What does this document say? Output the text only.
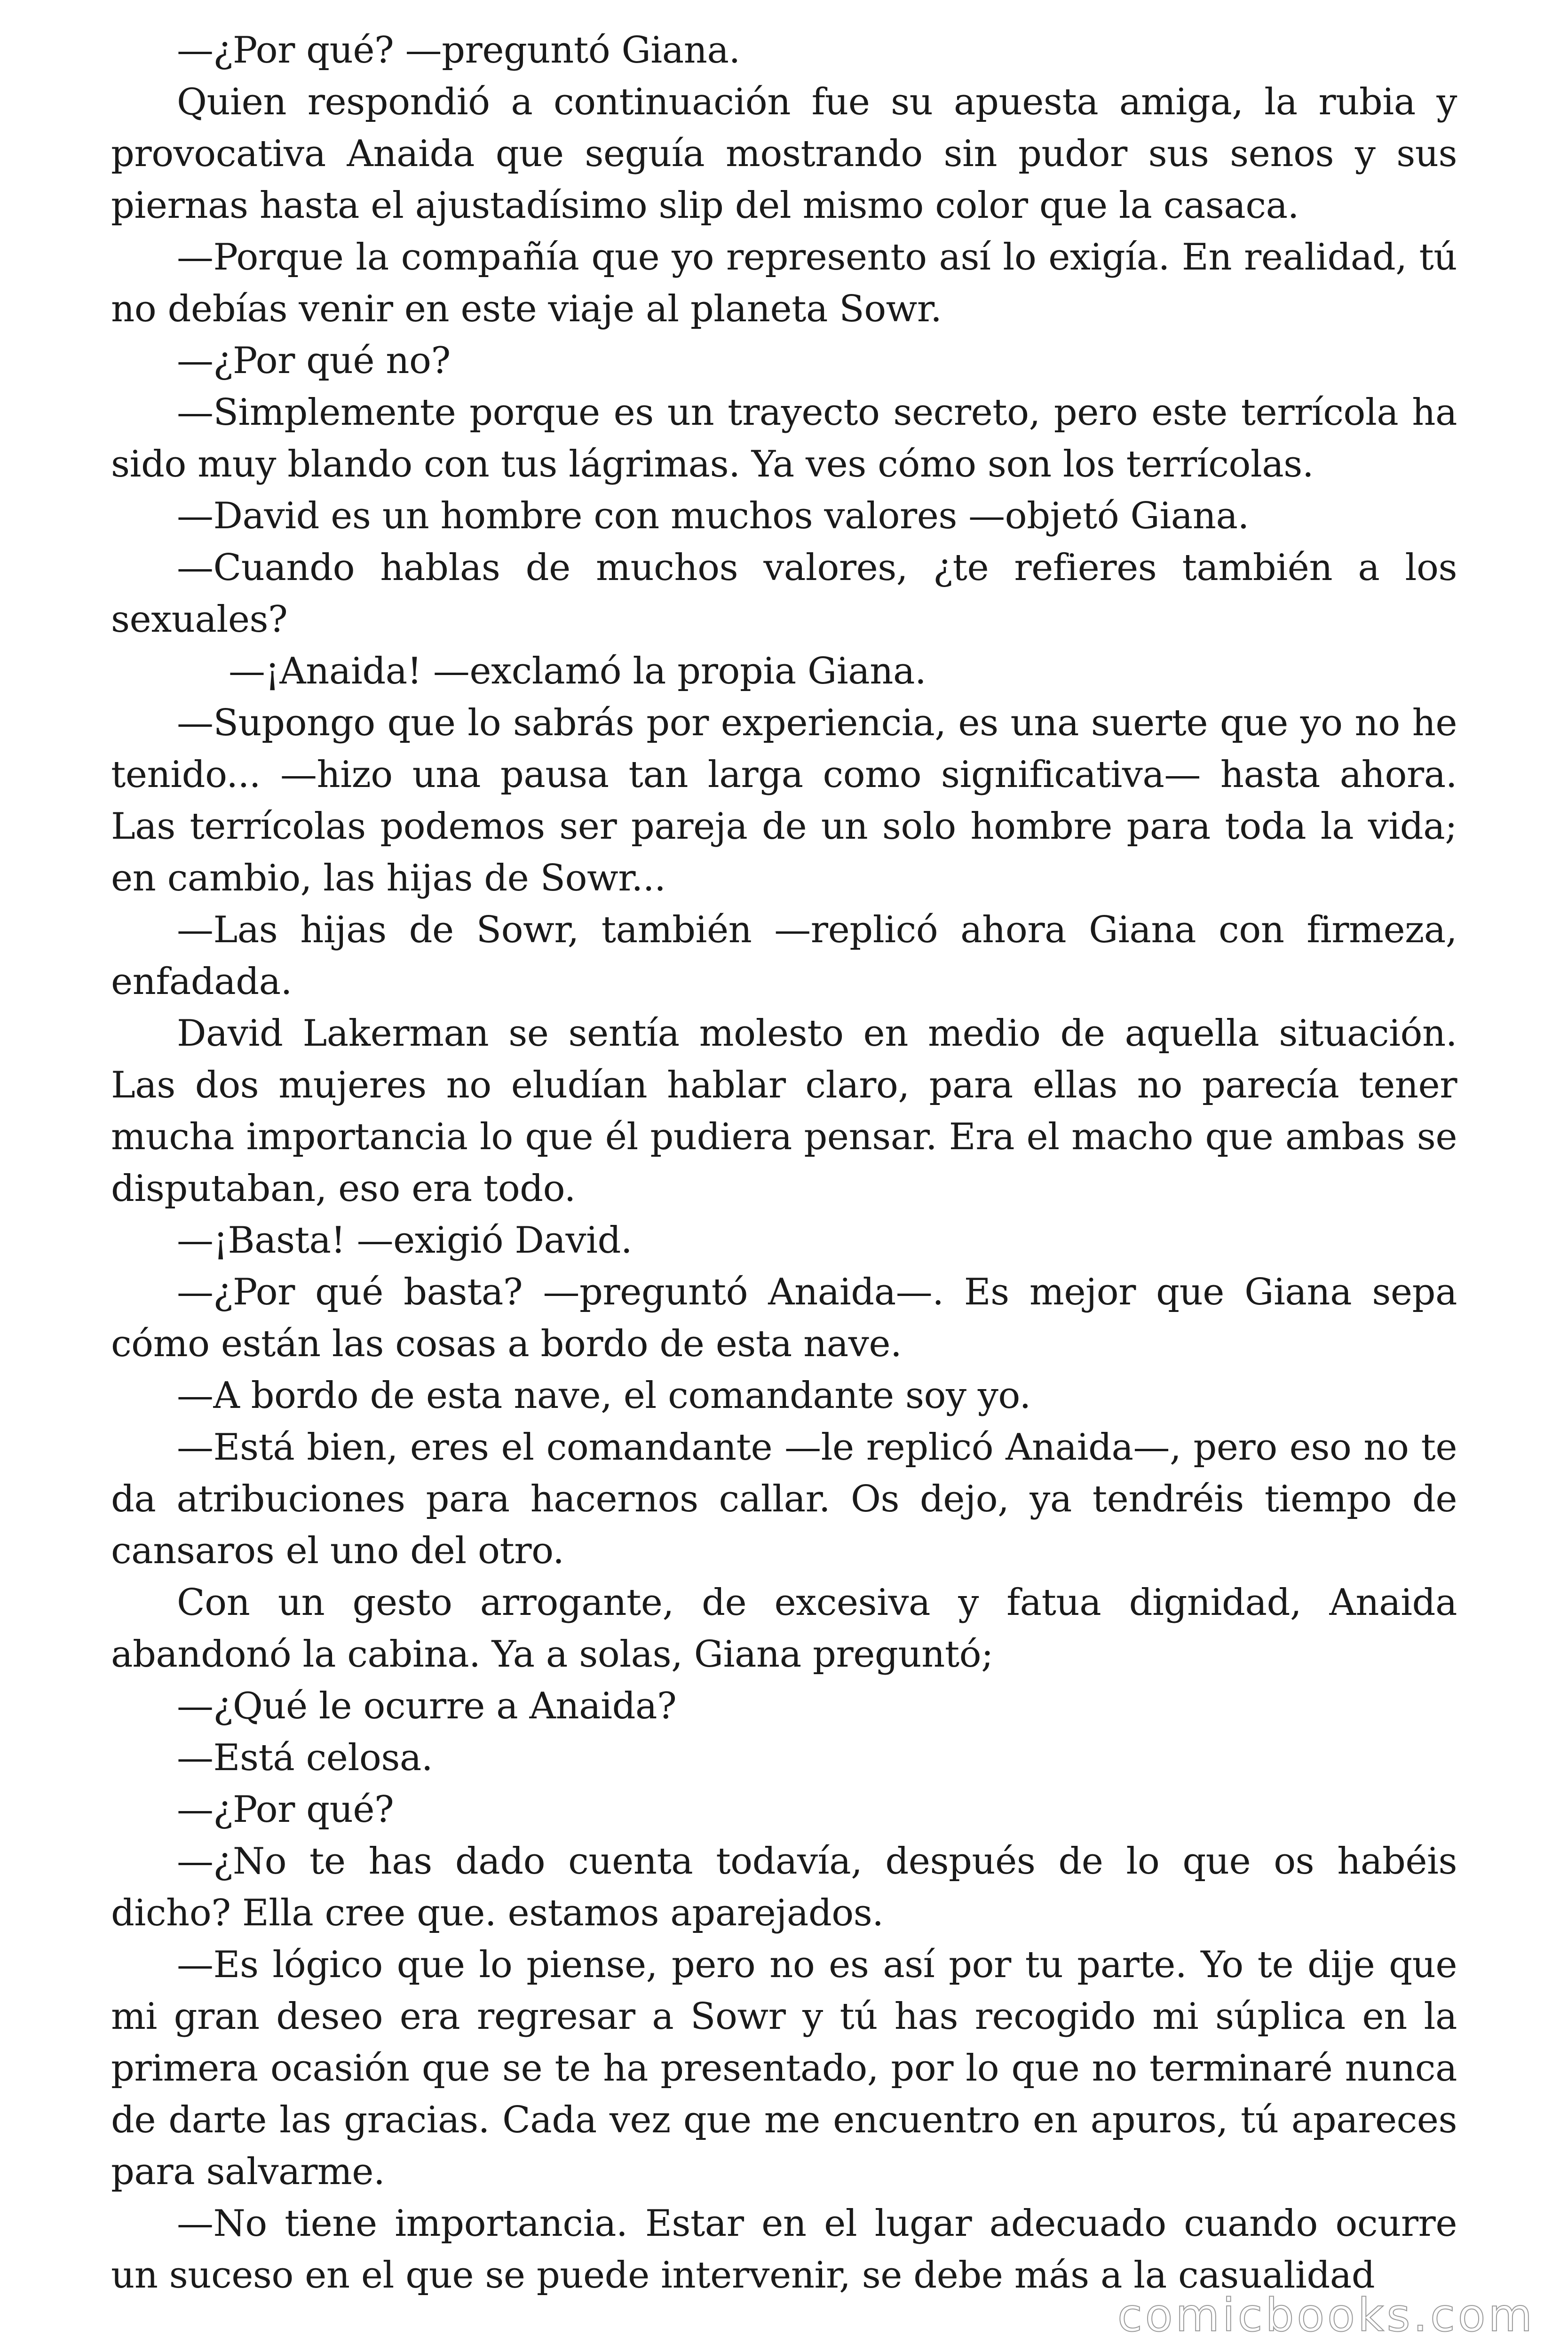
—¿Por qué? —preguntó Giana.

Quien respondió a continuación fue su apuesta amiga, la rubia y provocativa Anaida que seguía mostrando sin pudor sus senos y sus piernas hasta el ajustadísimo slip del mismo color que la casaca.

—Porque la compañía que yo represento así lo exigía. En realidad, tú no debías venir en este viaje al planeta Sowr.

—¿Por qué no?

—Simplemente porque es un trayecto secreto, pero este terrícola ha sido muy blando con tus lágrimas. Ya ves cómo son los terrícolas.

—David es un hombre con muchos valores —objetó Giana.

—Cuando hablas de muchos valores, ¿te refieres también a los sexuales?

—¡Anaida! —exclamó la propia Giana.

—Supongo que lo sabrás por experiencia, es una suerte que yo no he tenido... —hizo una pausa tan larga como significativa— hasta ahora. Las terrícolas podemos ser pareja de un solo hombre para toda la vida; en cambio, las hijas de Sowr...

—Las hijas de Sowr, también —replicó ahora Giana con firmeza, enfadada.

David Lakerman se sentía molesto en medio de aquella situación. Las dos mujeres no eludían hablar claro, para ellas no parecía tener mucha importancia lo que él pudiera pensar. Era el macho que ambas se disputaban, eso era todo.

—¡Basta! —exigió David.

—¿Por qué basta? —preguntó Anaida—. Es mejor que Giana sepa cómo están las cosas a bordo de esta nave.

—A bordo de esta nave, el comandante soy yo.

—Está bien, eres el comandante —le replicó Anaida—, pero eso no te da atribuciones para hacernos callar. Os dejo, ya tendréis tiempo de cansaros el uno del otro.

Con un gesto arrogante, de excesiva y fatua dignidad, Anaida abandonó la cabina. Ya a solas, Giana preguntó;

—¿Qué le ocurre a Anaida?

—Está celosa.

—¿Por qué?

—¿No te has dado cuenta todavía, después de lo que os habéis dicho? Ella cree que. estamos aparejados.

—Es lógico que lo piense, pero no es así por tu parte. Yo te dije que mi gran deseo era regresar a Sowr y tú has recogido mi súplica en la primera ocasión que se te ha presentado, por lo que no terminaré nunca de darte las gracias. Cada vez que me encuentro en apuros, tú apareces para salvarme.

—No tiene importancia. Estar en el lugar adecuado cuando ocurre un suceso en el que se puede intervenir, se debe más a la casualidad

comicbooks.com
